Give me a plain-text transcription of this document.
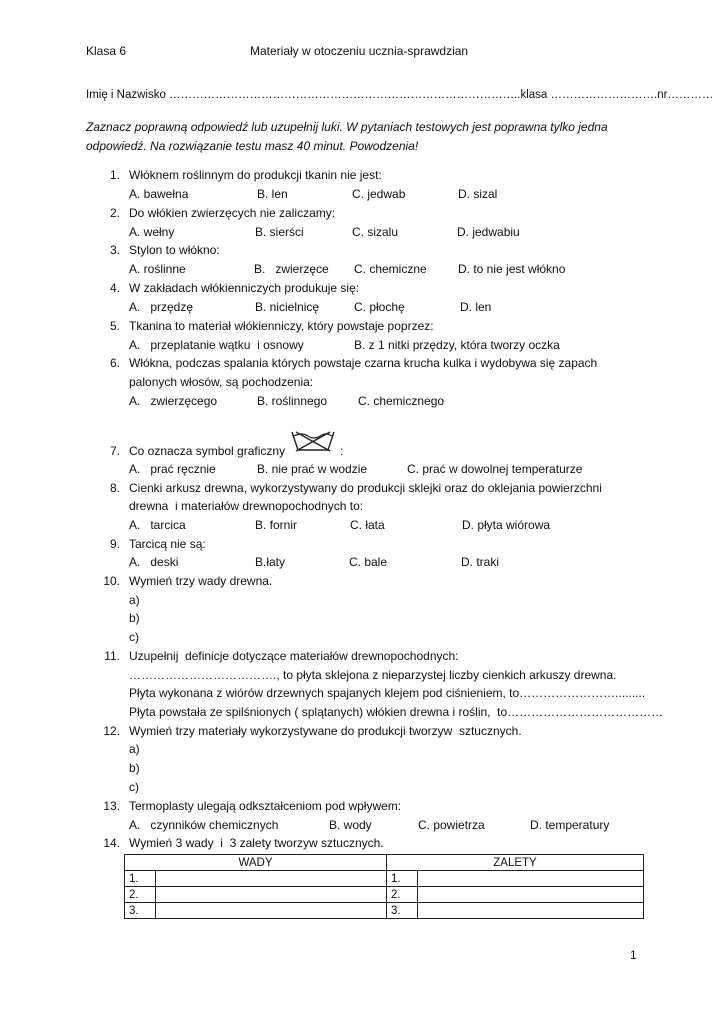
Klasa 6	Materiały w otoczeniu ucznia-sprawdzian
Imię i Nazwisko ………………………………………………………………………………..klasa ……………………….nr…………
Zaznacz poprawną odpowiedź lub uzupełnij luki. W pytaniach testowych jest poprawna tylko jedna
odpowiedź. Na rozwiązanie testu masz 40 minut. Powodzenia!
1. Włóknem roślinnym do produkcji tkanin nie jest:
A. bawełna	B. len	C. jedwab	D. sizal
2. Do włókien zwierzęcych nie zaliczamy:
A. wełny	B. sierści	C. sizalu	D. jedwabiu
3. Stylon to włókno:
A. roślinne	B.   zwierzęce C. chemiczne	D. to nie jest włókno
4. W zakładach włókienniczych produkuje się:
A.   przędzę	B. nicielnicę	C. płochę	D. len
5. Tkanina to materiał włókienniczy, który powstaje poprzez:
A.   przeplatanie wątku  i osnowy	B. z 1 nitki przędzy, która tworzy oczka
6. Włókna, podczas spalania których powstaje czarna krucha kulka i wydobywa się zapach
palonych włosów, są pochodzenia:
A.   zwierzęcego	B. roślinnego	C. chemicznego
7. Co oznacza symbol graficzny	:
A.   prać ręcznie	B. nie prać w wodzie	C. prać w dowolnej temperaturze
8. Cienki arkusz drewna, wykorzystywany do produkcji sklejki oraz do oklejania powierzchni
drewna  i materiałów drewnopochodnych to:
A.   tarcica	B. fornir	C. łata	D. płyta wiórowa
9. Tarcicą nie są:
A.   deski	B.łaty	C. bale	D. traki
10. Wymień trzy wady drewna.
a)
b)
c)
11. Uzupełnij  definicje dotyczące materiałów drewnopochodnych:
………………………………., to płyta sklejona z nieparzystej liczby cienkich arkuszy drewna.
Płyta wykonana z wiórów drzewnych spajanych klejem pod ciśnieniem, to…………………….........
Płyta powstała ze spilśnionych ( splątanych) włókien drewna i roślin,  to…………………………………
12. Wymień trzy materiały wykorzystywane do produkcji tworzyw  sztucznych.
a)
b)
c)
13. Termoplasty ulegają odkształceniom pod wpływem:
A.   czynników chemicznych	B. wody	C. powietrza	D. temperatury
14. Wymień 3 wady  i  3 zalety tworzyw sztucznych.
WADY		ZALETY	
1.		1.	
2.		2.	
3.		3.	
1
